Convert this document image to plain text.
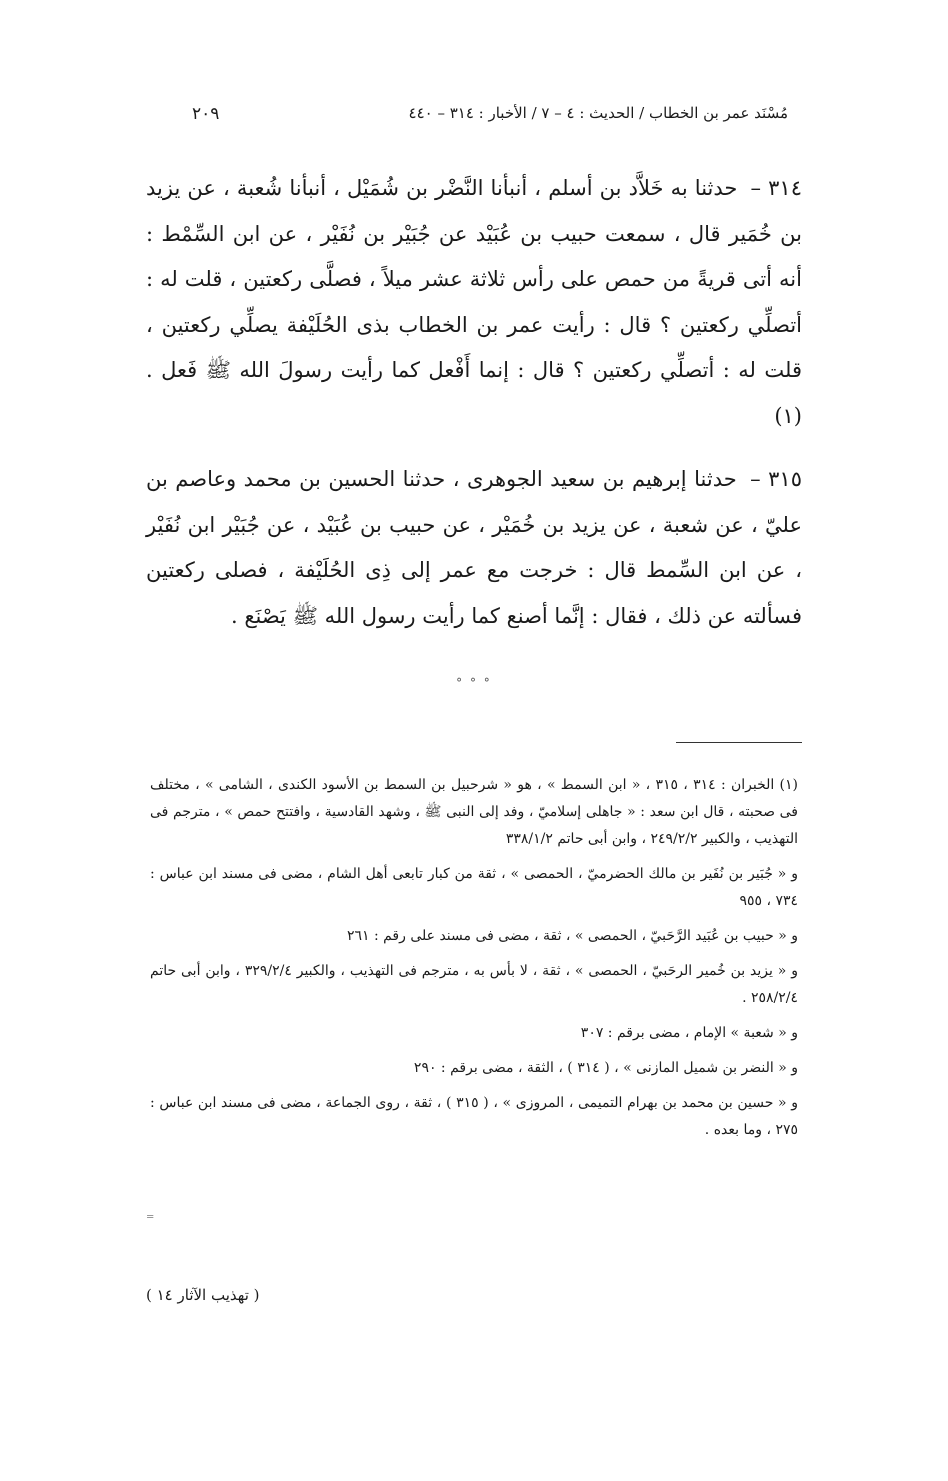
مُسْنَد عمر بن الخطاب / الحديث : ٤ – ٧ / الأخبار : ٣١٤ – ٤٤٠
٢٠٩

٣١٤ – حدثنا به خَلاَّد بن أسلم ، أنبأنا النَّضْر بن شُمَيْل ، أنبأنا شُعبة ، عن يزيد بن خُمَير قال ، سمعت حبيب بن عُبَيْد عن جُبَيْر بن نُفَيْر ، عن ابن السِّمْط : أنه أتى قريةً من حمص على رأس ثلاثة عشر ميلاً ، فصلَّى ركعتين ، قلت له : أتصلِّي ركعتين ؟ قال : رأيت عمر بن الخطاب بذى الحُلَيْفة يصلِّي ركعتين ، قلت له : أتصلِّي ركعتين ؟ قال : إنما أَفْعل كما رأيت رسولَ الله ﷺ فَعل . (١)

٣١٥ – حدثنا إبرهيم بن سعيد الجوهرى ، حدثنا الحسين بن محمد وعاصم بن عليّ ، عن شعبة ، عن يزيد بن خُمَيْر ، عن حبيب بن عُبَيْد ، عن جُبَيْر ابن نُفَيْر ، عن ابن السِّمط قال : خرجت مع عمر إلى ذِى الحُلَيْفة ، فصلى ركعتين فسألته عن ذلك ، فقال : إنَّما أصنع كما رأيت رسول الله ﷺ يَصْنَع .

° ° °

(١) الخبران : ٣١٤ ، ٣١٥ ، « ابن السمط » ، هو « شرحبيل بن السمط بن الأسود الكندى ، الشامى » ، مختلف فى صحبته ، قال ابن سعد : « جاهلى إسلاميّ ، وفد إلى النبى ﷺ ، وشهد القادسية ، وافتتح حمص » ، مترجم فى التهذيب ، والكبير ٢٤٩/٢/٢ ، وابن أبى حاتم ٣٣٨/١/٢

و « جُبَير بن نُفَير بن مالك الحضرميّ ، الحمصى » ، ثقة من كبار تابعى أهل الشام ، مضى فى مسند ابن عباس : ٧٣٤ ، ٩٥٥

و « حبيب بن عُبَيد الرَّحَبيّ ، الحمصى » ، ثقة ، مضى فى مسند على رقم : ٢٦١

و « يزيد بن خُمير الرحَبيّ ، الحمصى » ، ثقة ، لا بأس به ، مترجم فى التهذيب ، والكبير ٣٢٩/٢/٤ ، وابن أبى حاتم ٢٥٨/٢/٤ .

و « شعبة » الإمام ، مضى برقم : ٣٠٧

و « النضر بن شميل المازنى » ، ( ٣١٤ ) ، الثقة ، مضى برقم : ٢٩٠

و « حسين بن محمد بن بهرام التميمى ، المروزى » ، ( ٣١٥ ) ، ثقة ، روى الجماعة ، مضى فى مسند ابن عباس : ٢٧٥ ، وما بعده .

=
( تهذيب الآثار ١٤ )
